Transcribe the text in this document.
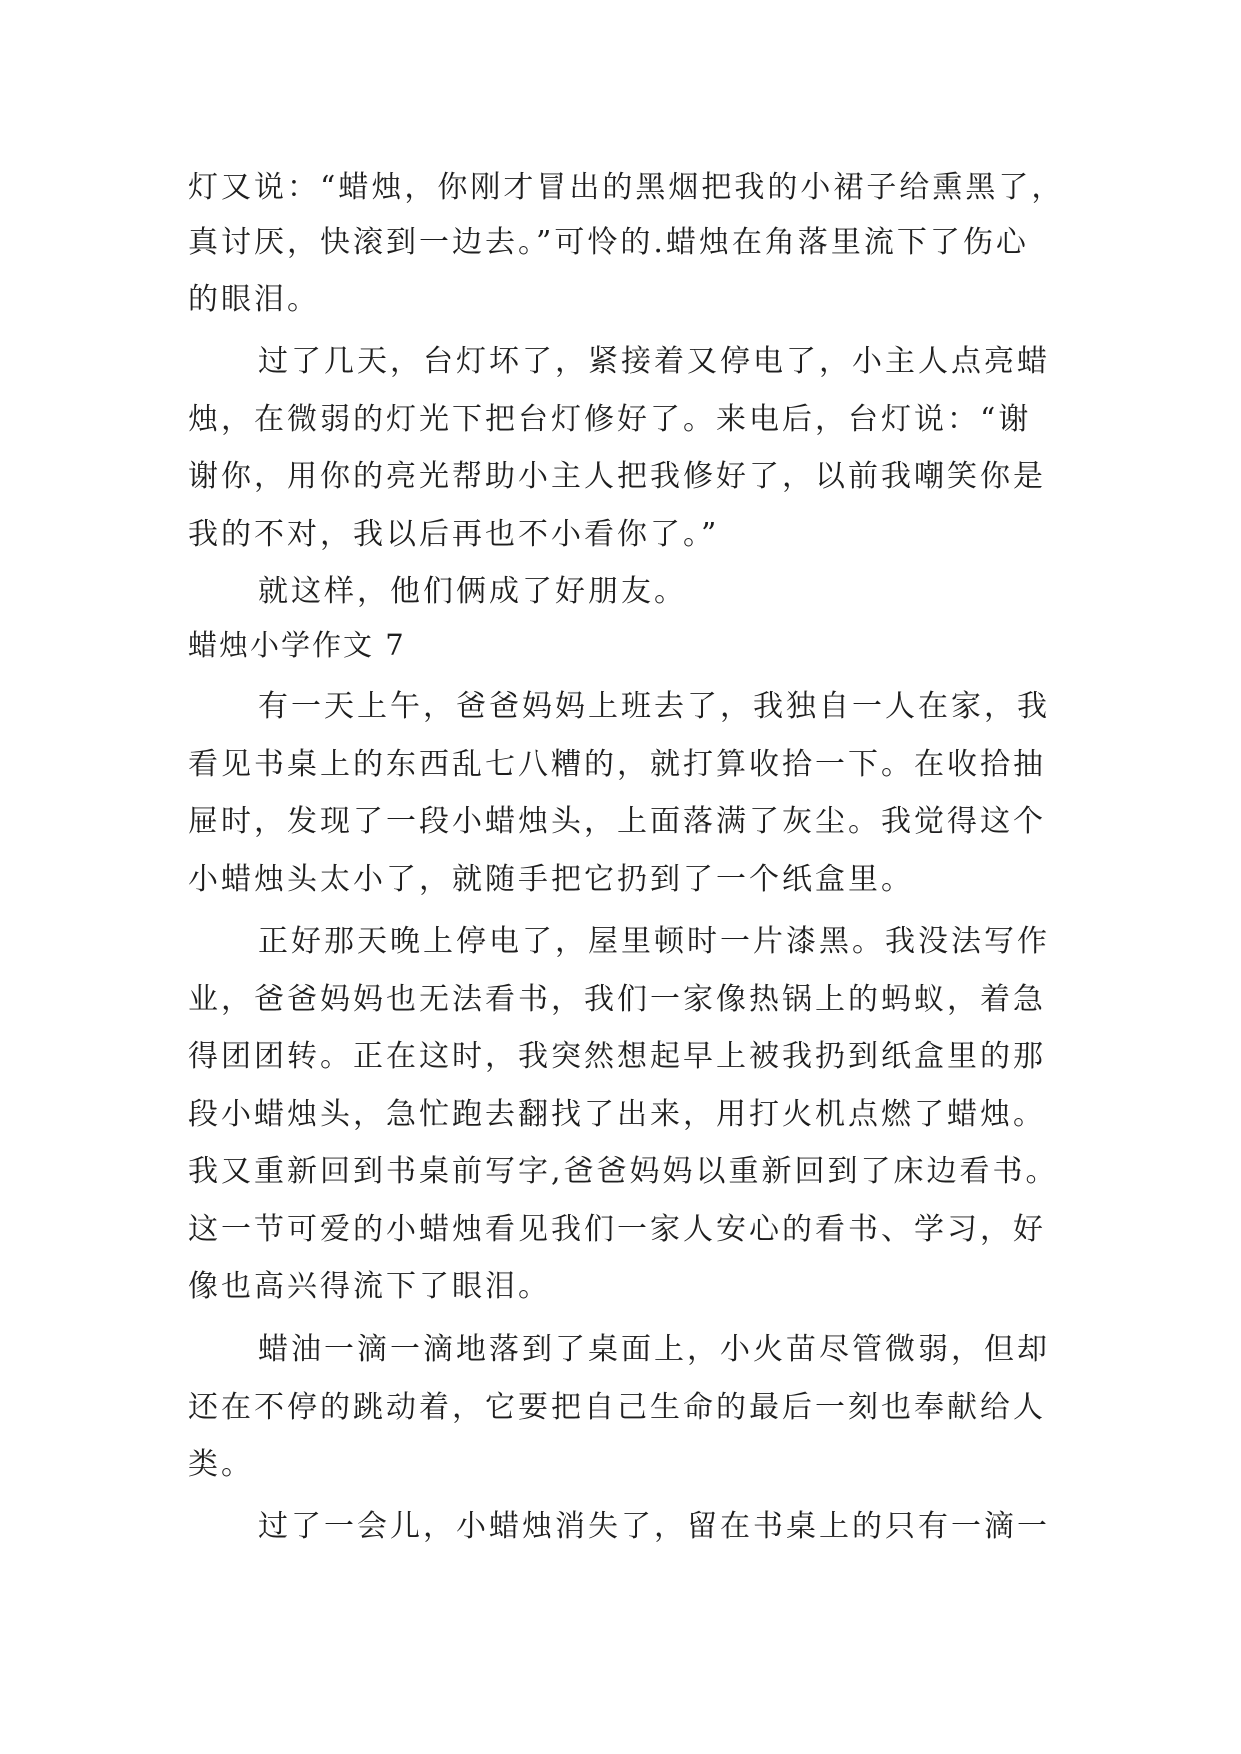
灯又说：“蜡烛，你刚才冒出的黑烟把我的小裙子给熏黑了，
真讨厌，快滚到一边去。”可怜的.蜡烛在角落里流下了伤心
的眼泪。
过了几天，台灯坏了，紧接着又停电了，小主人点亮蜡
烛，在微弱的灯光下把台灯修好了。来电后，台灯说：“谢
谢你，用你的亮光帮助小主人把我修好了，以前我嘲笑你是
我的不对，我以后再也不小看你了。”
就这样，他们俩成了好朋友。
蜡烛小学作文 7
有一天上午，爸爸妈妈上班去了，我独自一人在家，我
看见书桌上的东西乱七八糟的，就打算收拾一下。在收拾抽
屉时，发现了一段小蜡烛头，上面落满了灰尘。我觉得这个
小蜡烛头太小了，就随手把它扔到了一个纸盒里。
正好那天晚上停电了，屋里顿时一片漆黑。我没法写作
业，爸爸妈妈也无法看书，我们一家像热锅上的蚂蚁，着急
得团团转。正在这时，我突然想起早上被我扔到纸盒里的那
段小蜡烛头，急忙跑去翻找了出来，用打火机点燃了蜡烛。
我又重新回到书桌前写字,爸爸妈妈以重新回到了床边看书。
这一节可爱的小蜡烛看见我们一家人安心的看书、学习，好
像也高兴得流下了眼泪。
蜡油一滴一滴地落到了桌面上，小火苗尽管微弱，但却
还在不停的跳动着，它要把自己生命的最后一刻也奉献给人
类。
过了一会儿，小蜡烛消失了，留在书桌上的只有一滴一
